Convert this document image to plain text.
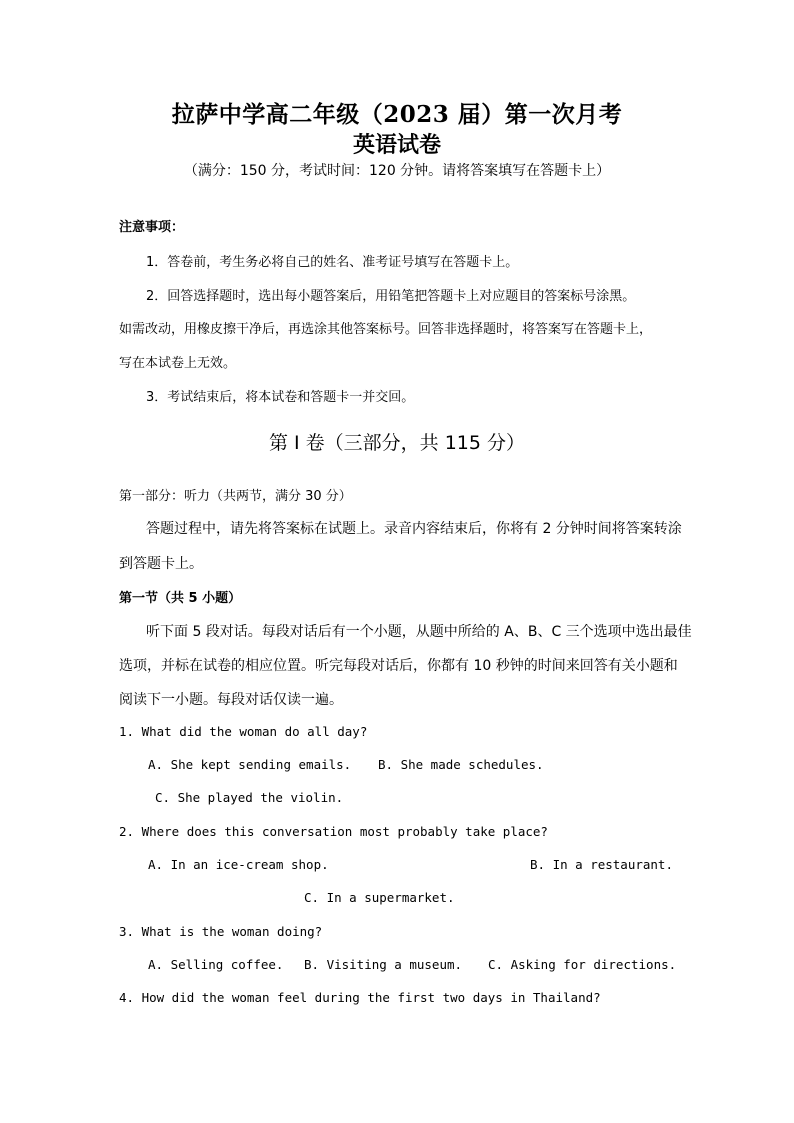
拉萨中学高二年级（2023 届）第一次月考
英语试卷
（满分：150 分，考试时间：120 分钟。请将答案填写在答题卡上）
注意事项：
1．答卷前，考生务必将自己的姓名、准考证号填写在答题卡上。
2．回答选择题时，选出每小题答案后，用铅笔把答题卡上对应题目的答案标号涂黑。
如需改动，用橡皮擦干净后，再选涂其他答案标号。回答非选择题时，将答案写在答题卡上，
写在本试卷上无效。
3．考试结束后，将本试卷和答题卡一并交回。
第 I 卷（三部分，共 115 分）
第一部分：听力（共两节，满分 30 分）
答题过程中，请先将答案标在试题上。录音内容结束后，你将有 2 分钟时间将答案转涂
到答题卡上。
第一节（共 5 小题）
听下面 5 段对话。每段对话后有一个小题，从题中所给的 A、B、C 三个选项中选出最佳
选项，并标在试卷的相应位置。听完每段对话后，你都有 10 秒钟的时间来回答有关小题和
阅读下一小题。每段对话仅读一遍。
1. What did the woman do all day?
A. She kept sending emails. B. She made schedules.
C. She played the violin.
2. Where does this conversation most probably take place?
A. In an ice-cream shop.	B. In a restaurant.
C. In a supermarket.
3. What is the woman doing?
A. Selling coffee. B. Visiting a museum. C. Asking for directions.
4. How did the woman feel during the first two days in Thailand?
